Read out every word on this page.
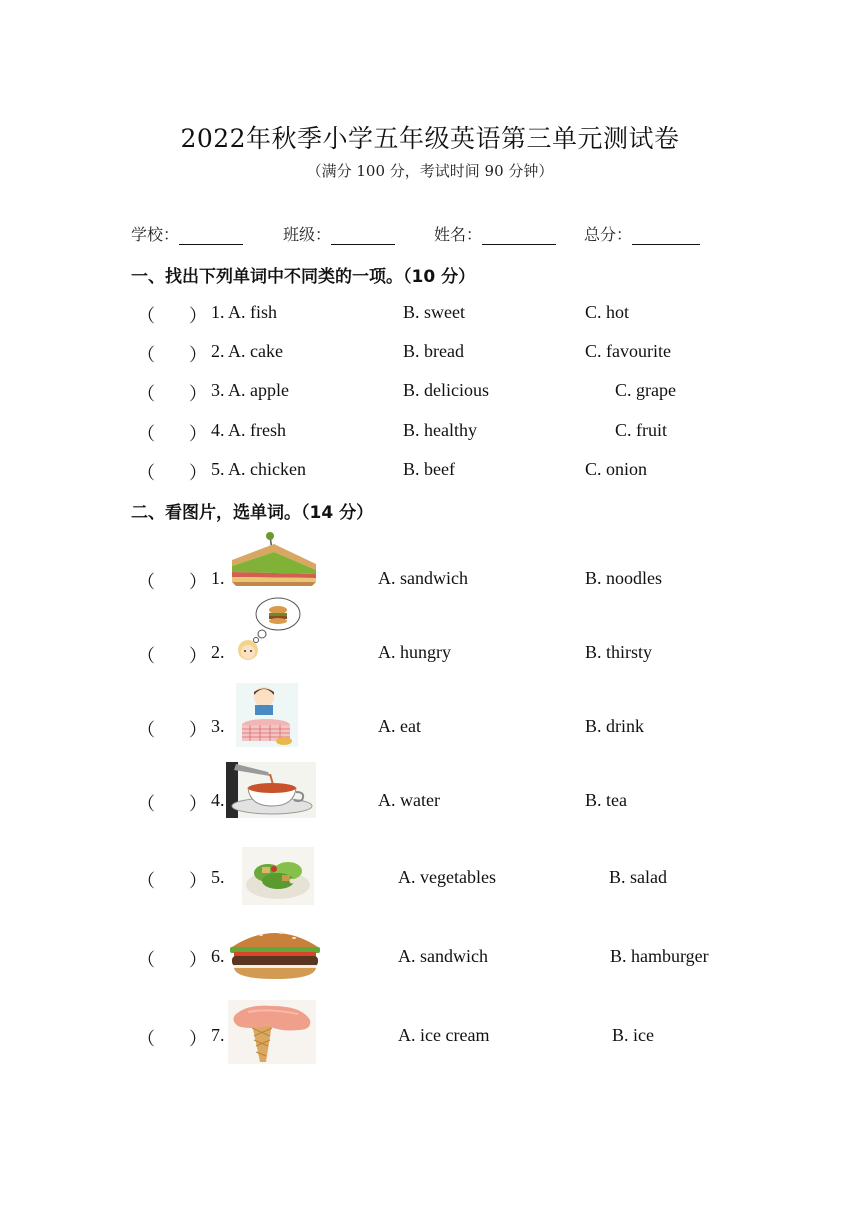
2022年秋季小学五年级英语第三单元测试卷
（满分 100 分，考试时间 90 分钟）
学校：	班级：	姓名：	总分：
一、找出下列单词中不同类的一项。（10 分）
（ ） 1. A. fish	B. sweet	C. hot
（ ） 2. A. cake	B. bread	C. favourite
（ ） 3. A. apple	B. delicious	C. grape
（ ） 4. A. fresh	B. healthy	C. fruit
（ ） 5. A. chicken	B. beef	C. onion
二、看图片，选单词。（14 分）
（ ） 1.	A. sandwich	B. noodles
（ ） 2.	A. hungry	B. thirsty
（ ） 3.	A. eat	B. drink
（ ） 4.	A. water	B. tea
（ ） 5.	A. vegetables	B. salad
（ ） 6.	A. sandwich	B. hamburger
（ ） 7.	A. ice cream	B. ice
